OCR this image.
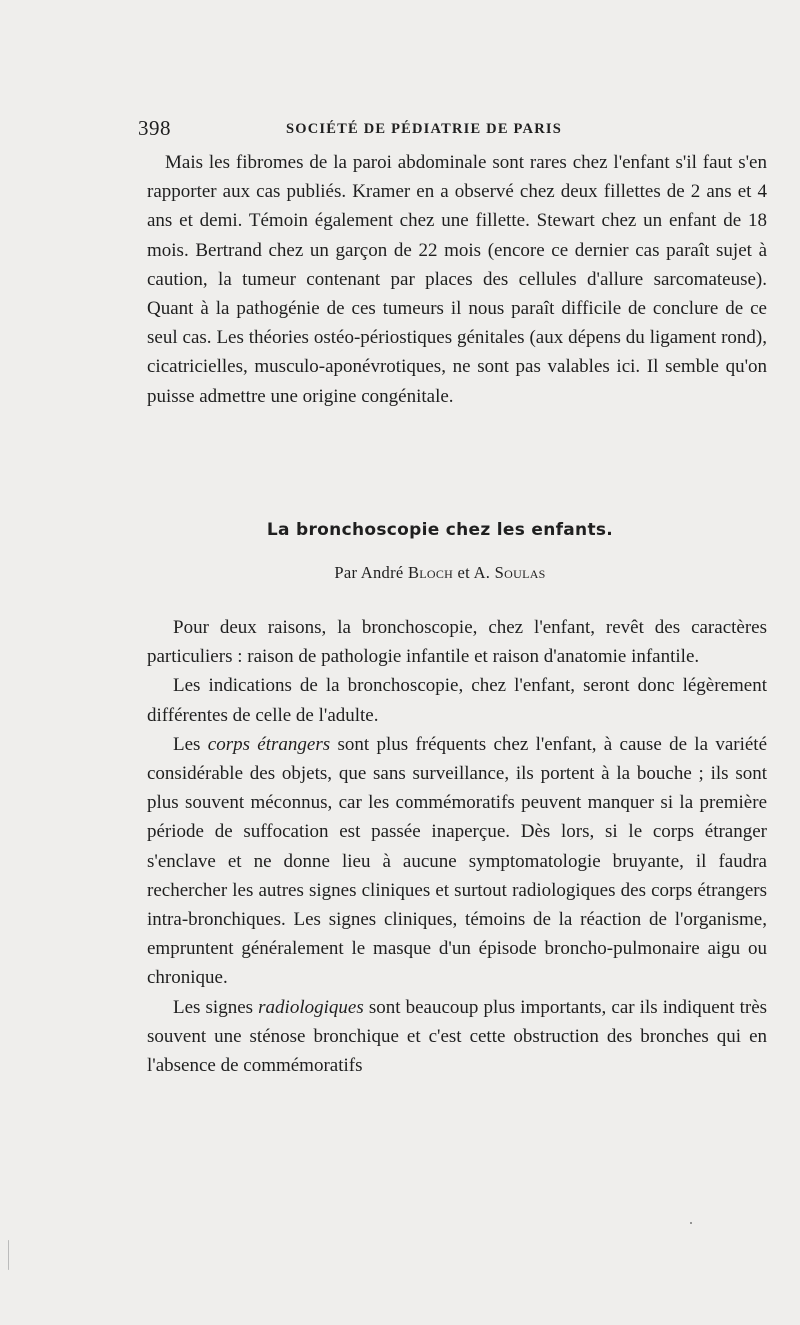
398	SOCIÉTÉ DE PÉDIATRIE DE PARIS

Mais les fibromes de la paroi abdominale sont rares chez l'enfant s'il faut s'en rapporter aux cas publiés. Kramer en a observé chez deux fillettes de 2 ans et 4 ans et demi. Témoin également chez une fillette. Stewart chez un enfant de 18 mois. Bertrand chez un garçon de 22 mois (encore ce dernier cas paraît sujet à caution, la tumeur contenant par places des cellules d'allure sarcomateuse). Quant à la pathogénie de ces tumeurs il nous paraît difficile de conclure de ce seul cas. Les théories ostéo-périostiques génitales (aux dépens du ligament rond), cicatricielles, musculo-aponévrotiques, ne sont pas valables ici. Il semble qu'on puisse admettre une origine congénitale.

La bronchoscopie chez les enfants.
Par André Bloch et A. Soulas

Pour deux raisons, la bronchoscopie, chez l'enfant, revêt des caractères particuliers : raison de pathologie infantile et raison d'anatomie infantile.

Les indications de la bronchoscopie, chez l'enfant, seront donc légèrement différentes de celle de l'adulte.

Les corps étrangers sont plus fréquents chez l'enfant, à cause de la variété considérable des objets, que sans surveillance, ils portent à la bouche ; ils sont plus souvent méconnus, car les commémoratifs peuvent manquer si la première période de suffocation est passée inaperçue. Dès lors, si le corps étranger s'enclave et ne donne lieu à aucune symptomatologie bruyante, il faudra rechercher les autres signes cliniques et surtout radiologiques des corps étrangers intra-bronchiques. Les signes cliniques, témoins de la réaction de l'organisme, empruntent généralement le masque d'un épisode broncho-pulmonaire aigu ou chronique.

Les signes radiologiques sont beaucoup plus importants, car ils indiquent très souvent une sténose bronchique et c'est cette obstruction des bronches qui en l'absence de commémoratifs
